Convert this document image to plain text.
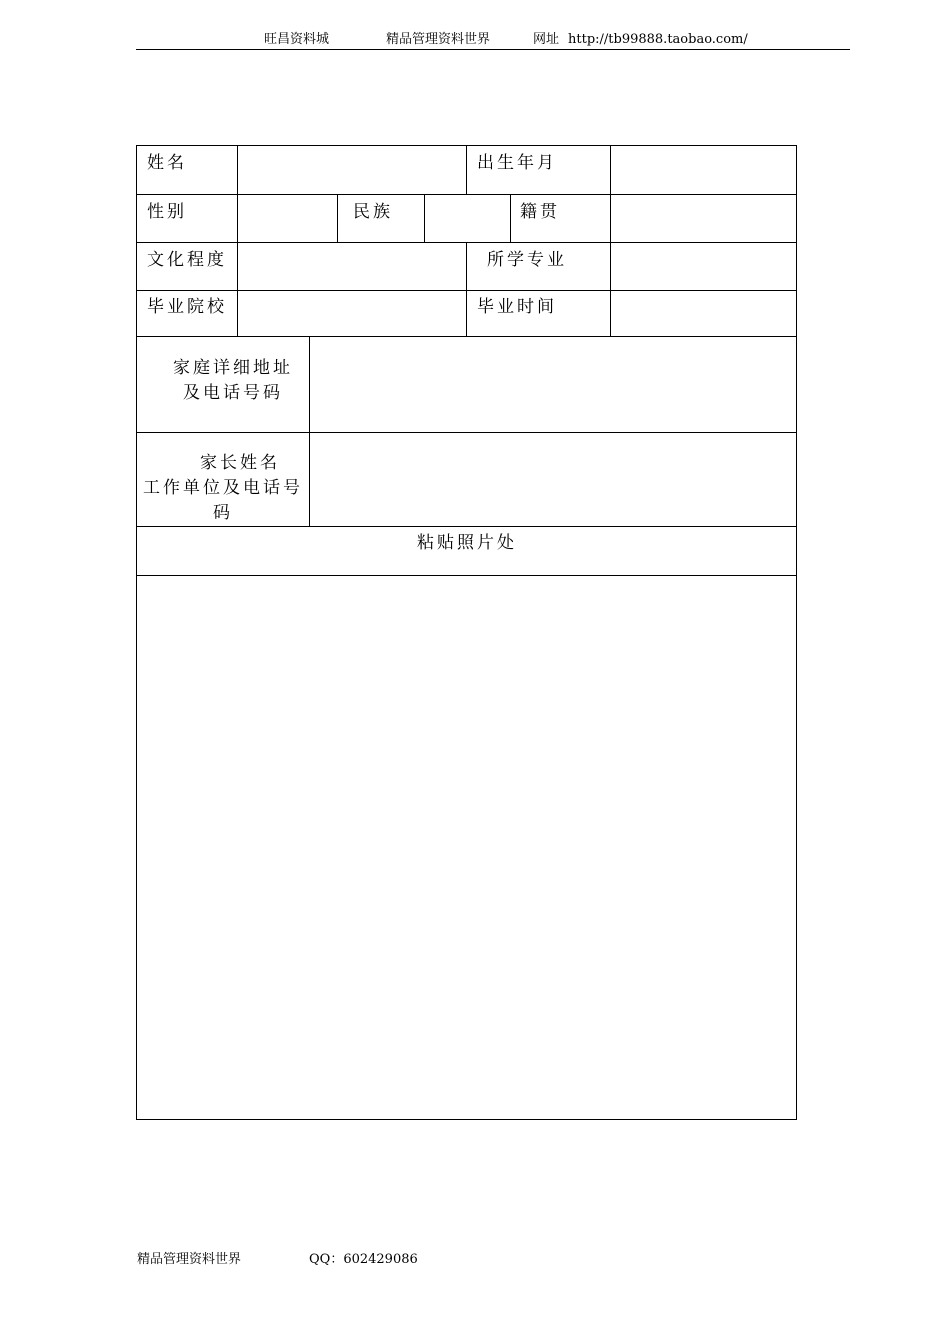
旺昌资料城	精品管理资料世界	网址 http://tb99888.taobao.com/
姓名	出生年月
性别	民族	籍贯
文化程度	所学专业
毕业院校	毕业时间
家庭详细地址
及电话号码
家长姓名
工作单位及电话号
码
粘贴照片处
精品管理资料世界	QQ：602429086
